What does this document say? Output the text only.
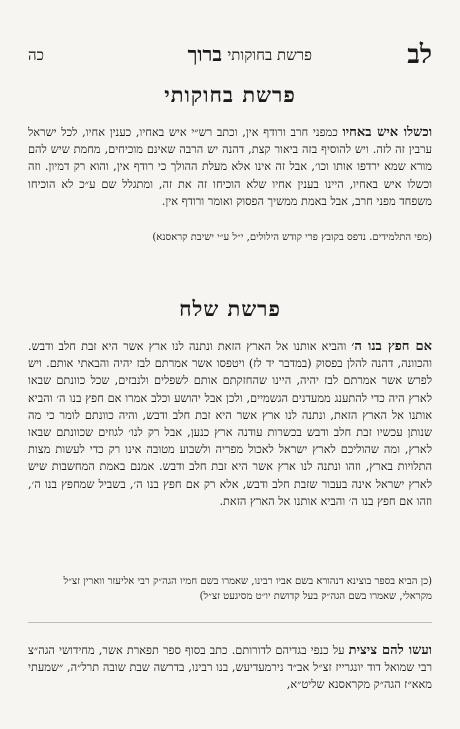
לב
פרשת בחוקותי
ברוך
כה
פרשת בחוקותי
וכשלו איש באחיו כמפני חרב ורודף אין, וכתב רש״י איש באחיו, כענין אחיו, לכל ישראל ערבין זה לזה. ויש להוסיף בזה ביאור קצת, דהנה יש הרבה שאינם מוכיחים, מחמת שיש להם מורא שמא ירדפו אותו וכו׳, אבל זה אינו אלא מעלת ההולך כי רודף אין, והוא רק דמיון. וזה וכשלו איש באחיו, היינו בענין אחיו שלא הוכיחו זה את זה, ומתגלל שם ע״כ לא הוכיחו משפחד מפני חרב, אבל באמת ממשיך הפסוק ואומר ורודף אין.
(מפי התלמידים. נדפס בקובץ פרי קודש הילולים, י״ל ע״י ישיבת קראסנא)
פרשת שלח
אם חפץ בנו ה׳ והביא אותנו אל הארץ הזאת ונתנה לנו ארץ אשר היא זבת חלב ודבש. והכוונה, דהנה להלן בפסוק (במדבר יד לז) ויטפסו אשר אמרתם לבז יהיה והבאתי אותם. ויש לפרש אשר אמרתם לבז יהיה, היינו שהחזקתם אותם לשפלים ולנבזים, שכל כוונתם שבאו לארץ היה כדי להתענג ממעדנים הגשמיים, ולכן אבל יהושע וכלב אמרו אם חפץ בנו ה׳ והביא אותנו אל הארץ הזאת, ונתנה לנו ארץ אשר היא זבת חלב ודבש, והיה כוונתם לומר כי מה שנותן עכשיו זבת חלב ודבש בכשרות עודנה ארץ כנען, אבל רק לנו׳ לגוזים שכוונתם שבאו לארץ, ומה שהוליכם לארץ ישראל לאכול מפריה ולשבוע מטובה אינו רק כדי לעשות מצות התלויות בארץ, וזהו ונתנה לנו ארץ אשר היא זבת חלב ודבש. אמנם באמת המחשבות שיש לארץ ישראל אינה בעבור שזבת חלב ודבש, אלא רק אם חפץ בנו ה׳, בשביל שמחפץ בנו ה׳, וזהו אם חפץ בנו ה׳ והביא אותנו אל הארץ הזאת.
(כן הביא בספר בוצינא דנהורא בשם אביו רבינו, שאמרו בשם חמיו הגה״ק רבי אליעזר ווארין זצ״ל מקראלי, שאמרו בשם הגה״ק בעל קדושת יו״ט מסיגעט זצ״ל)
ועשו להם ציצית על כנפי בגדיהם לדורותם. כתב בסוף ספר תפארת אשר, מחידושי הגה״צ רבי שמואל דוד יונגרייז זצ״ל אב״ד נירמעדיעש, בנו רבינו, בדרשה שבת שובה תרל״ה, ״שמעתי מאא״ז הגה״ק מקראסנא שליט״א,
